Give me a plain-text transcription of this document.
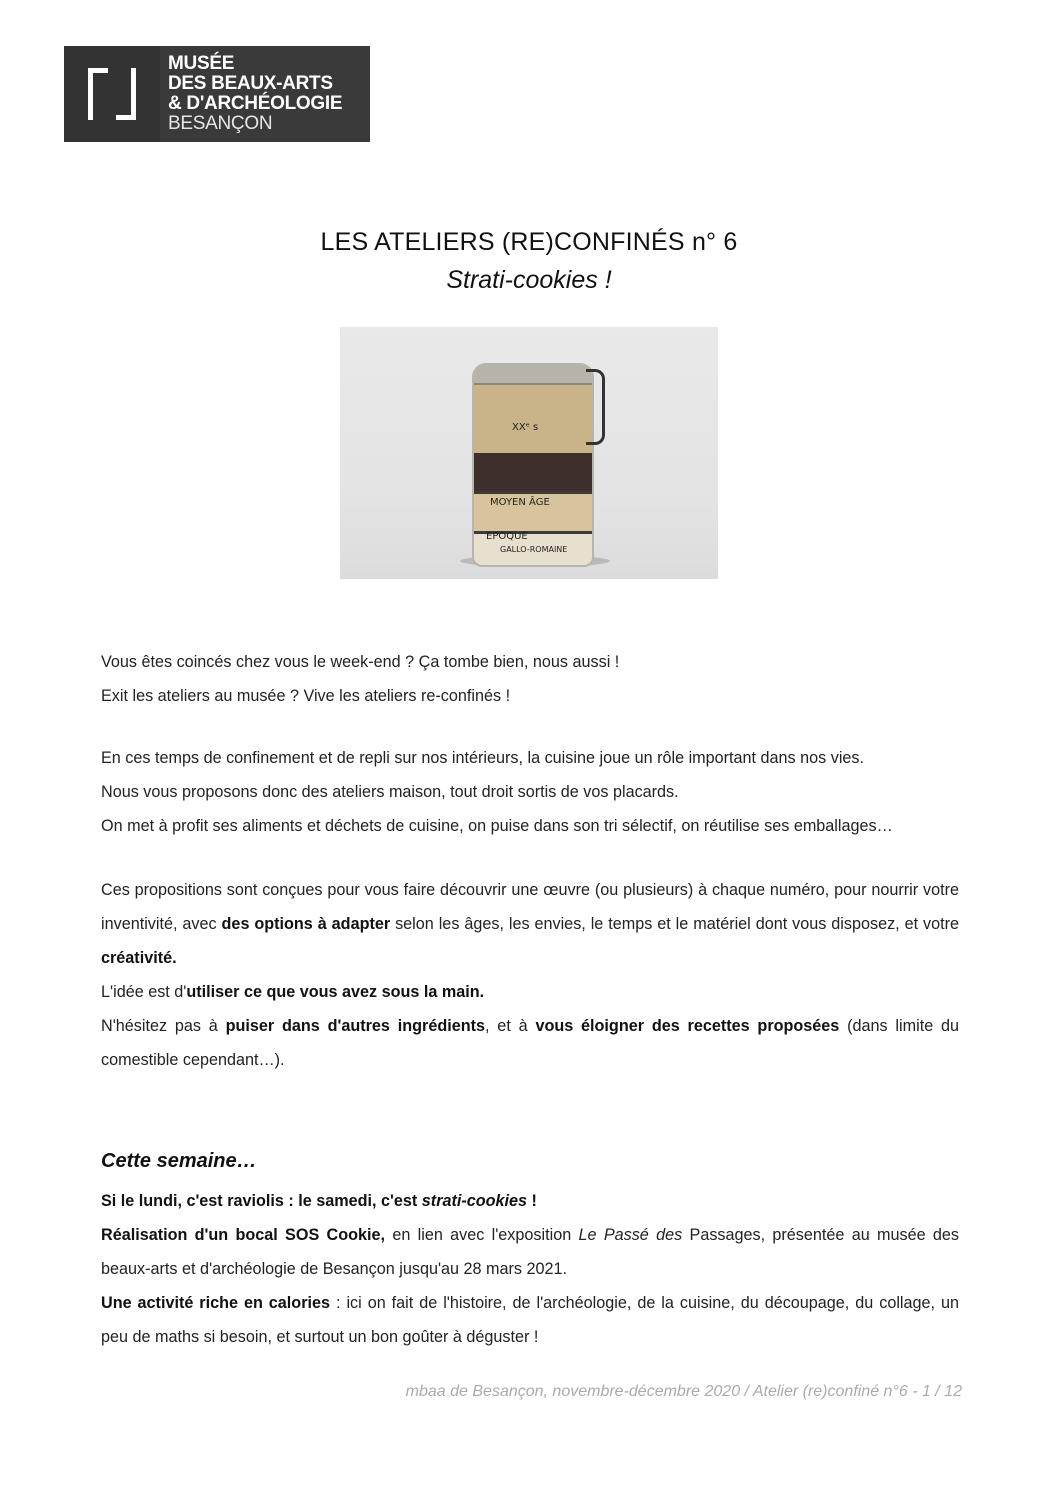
MUSÉE
DES BEAUX-ARTS
& D'ARCHÉOLOGIE
BESANÇON
LES ATELIERS (RE)CONFINÉS n° 6
Strati-cookies !
XXᵉ s
MOYEN ÂGE
EPOQUE
GALLO-ROMAINE
Vous êtes coincés chez vous le week-end ? Ça tombe bien, nous aussi !
Exit les ateliers au musée ? Vive les ateliers re-confinés !
En ces temps de confinement et de repli sur nos intérieurs, la cuisine joue un rôle important dans nos vies.
Nous vous proposons donc des ateliers maison, tout droit sortis de vos placards.
On met à profit ses aliments et déchets de cuisine, on puise dans son tri sélectif, on réutilise ses emballages…
Ces propositions sont conçues pour vous faire découvrir une œuvre (ou plusieurs) à chaque numéro, pour nourrir votre inventivité, avec des options à adapter selon les âges, les envies, le temps et le matériel dont vous disposez, et votre créativité.
L'idée est d'utiliser ce que vous avez sous la main.
N'hésitez pas à puiser dans d'autres ingrédients, et à vous éloigner des recettes proposées (dans limite du comestible cependant…).
Cette semaine…
Si le lundi, c'est raviolis : le samedi, c'est strati-cookies !
Réalisation d'un bocal SOS Cookie, en lien avec l'exposition Le Passé des Passages, présentée au musée des beaux-arts et d'archéologie de Besançon jusqu'au 28 mars 2021.
Une activité riche en calories : ici on fait de l'histoire, de l'archéologie, de la cuisine, du découpage, du collage, un peu de maths si besoin, et surtout un bon goûter à déguster !
mbaa de Besançon, novembre-décembre 2020 / Atelier (re)confiné n°6 - 1 / 12
